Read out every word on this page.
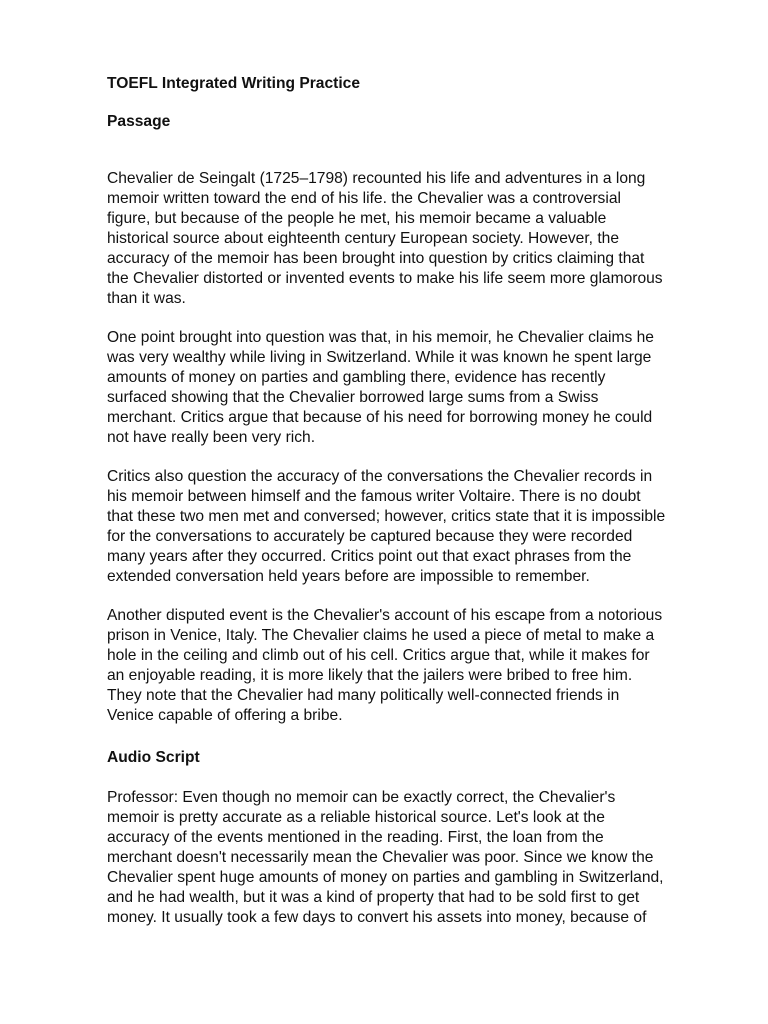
TOEFL Integrated Writing Practice
Passage

Chevalier de Seingalt (1725–1798) recounted his life and adventures in a long
memoir written toward the end of his life. the Chevalier was a controversial
figure, but because of the people he met, his memoir became a valuable
historical source about eighteenth century European society. However, the
accuracy of the memoir has been brought into question by critics claiming that
the Chevalier distorted or invented events to make his life seem more glamorous
than it was.

One point brought into question was that, in his memoir, he Chevalier claims he
was very wealthy while living in Switzerland. While it was known he spent large
amounts of money on parties and gambling there, evidence has recently
surfaced showing that the Chevalier borrowed large sums from a Swiss
merchant. Critics argue that because of his need for borrowing money he could
not have really been very rich.

Critics also question the accuracy of the conversations the Chevalier records in
his memoir between himself and the famous writer Voltaire. There is no doubt
that these two men met and conversed; however, critics state that it is impossible
for the conversations to accurately be captured because they were recorded
many years after they occurred. Critics point out that exact phrases from the
extended conversation held years before are impossible to remember.

Another disputed event is the Chevalier's account of his escape from a notorious
prison in Venice, Italy. The Chevalier claims he used a piece of metal to make a
hole in the ceiling and climb out of his cell. Critics argue that, while it makes for
an enjoyable reading, it is more likely that the jailers were bribed to free him.
They note that the Chevalier had many politically well-connected friends in
Venice capable of offering a bribe.

Audio Script

Professor: Even though no memoir can be exactly correct, the Chevalier's
memoir is pretty accurate as a reliable historical source. Let's look at the
accuracy of the events mentioned in the reading. First, the loan from the
merchant doesn't necessarily mean the Chevalier was poor. Since we know the
Chevalier spent huge amounts of money on parties and gambling in Switzerland,
and he had wealth, but it was a kind of property that had to be sold first to get
money. It usually took a few days to convert his assets into money, because of
